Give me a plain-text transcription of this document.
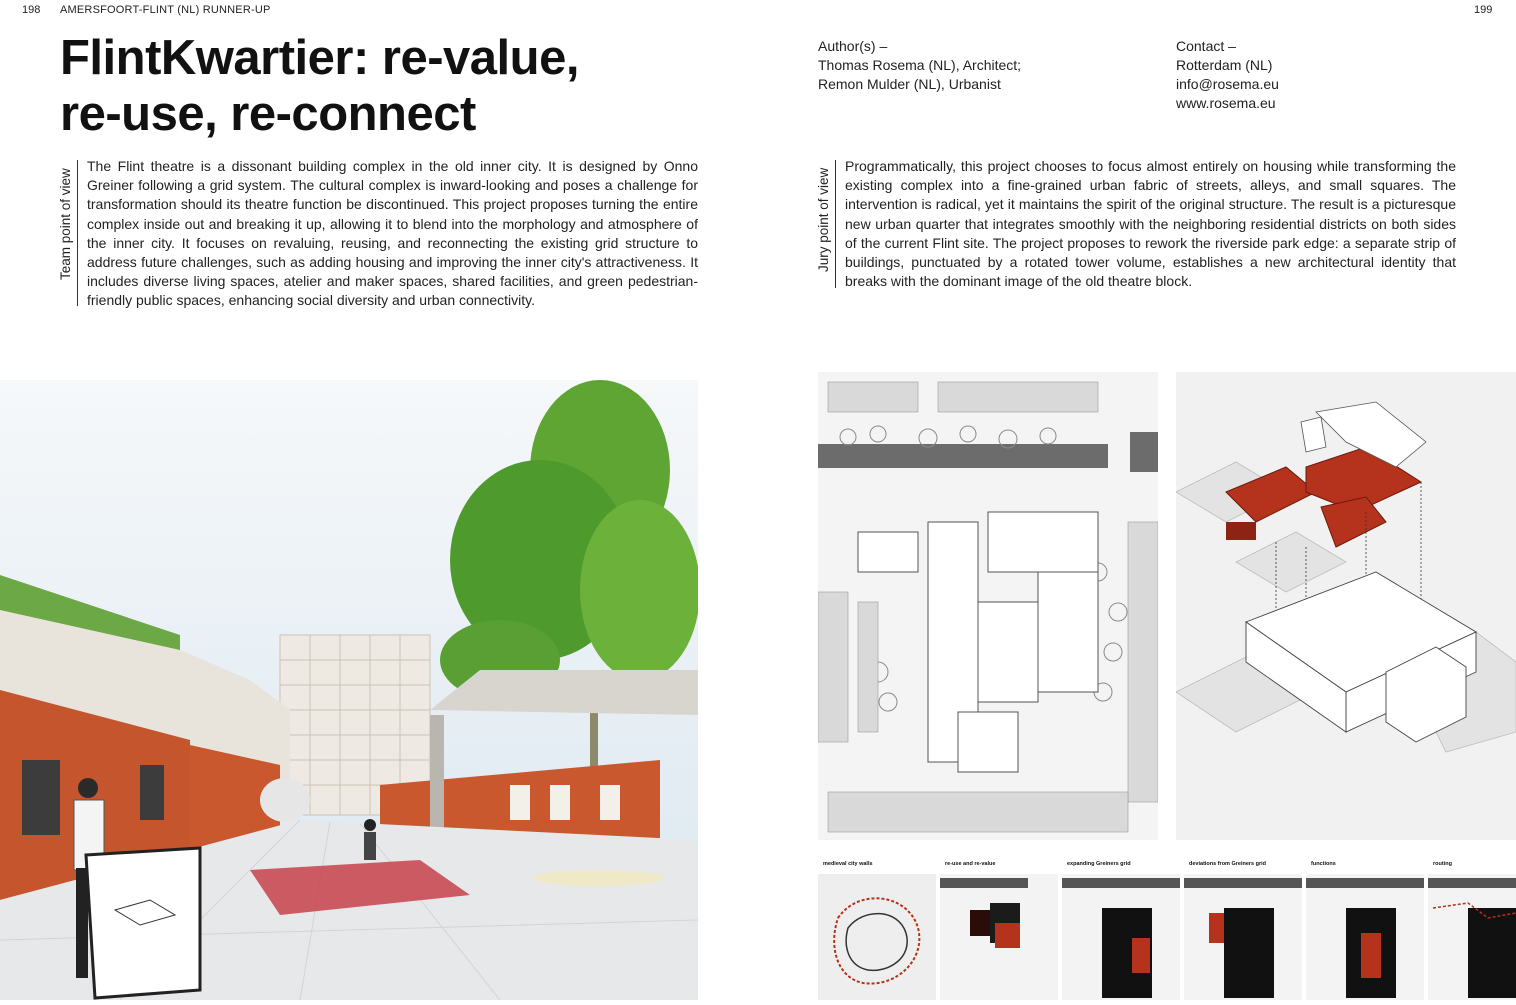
198 AMERSFOORT-FLINT (NL) RUNNER-UP	199
FlintKwartier: re-value,
re-use, re-connect
Author(s) –
Thomas Rosema (NL), Architect;
Remon Mulder (NL), Urbanist
Contact –
Rotterdam (NL)
info@rosema.eu
www.rosema.eu
Team point of view
The Flint theatre is a dissonant building complex in the old inner city. It is designed by Onno Greiner following a grid system. The cultural complex is inward-looking and poses a challenge for transformation should its theatre function be discontinued. This project proposes turning the entire complex inside out and breaking it up, allowing it to blend into the morphology and atmosphere of the inner city. It focuses on revaluing, reusing, and reconnecting the existing grid structure to address future challenges, such as adding housing and improving the inner city's attractiveness. It includes diverse living spaces, atelier and maker spaces, shared facilities, and green pedestrian-friendly public spaces, enhancing social diversity and urban connectivity.
Jury point of view
Programmatically, this project chooses to focus almost entirely on housing while transforming the existing complex into a fine-grained urban fabric of streets, alleys, and small squares. The intervention is radical, yet it maintains the spirit of the original structure. The result is a picturesque new urban quarter that integrates smoothly with the neighboring residential districts on both sides of the current Flint site. The project proposes to rework the riverside park edge: a separate strip of buildings, punctuated by a rotated tower volume, establishes a new architectural identity that breaks with the dominant image of the old theatre block.
medieval city walls	re-use and re-value	expanding Greiners grid	deviations from Greiners grid	functions	routing
